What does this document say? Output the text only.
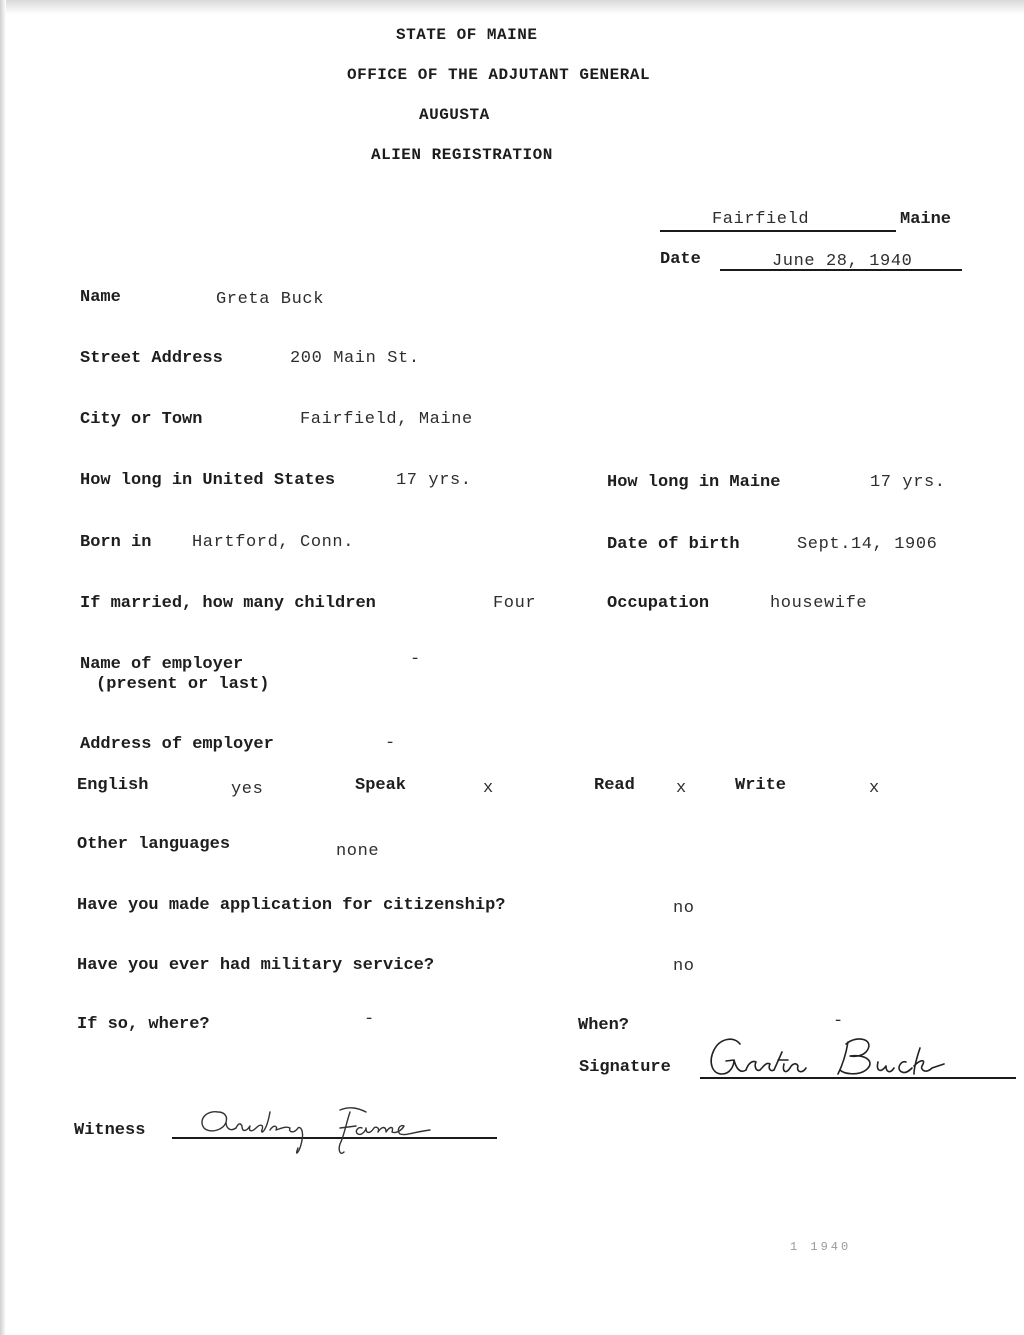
STATE OF MAINE
OFFICE OF THE ADJUTANT GENERAL
AUGUSTA
ALIEN REGISTRATION
Fairfield	Maine
Date	June 28, 1940
Name	Greta Buck
Street Address	200 Main St.
City or Town	Fairfield, Maine
How long in United States	17 yrs.	How long in Maine	17 yrs.
Born in Hartford, Conn.	Date of birth	Sept.14, 1906
If married, how many children	Four	Occupation	housewife
Name of employer
(present or last)
-
Address of employer	-
English	yes	Speak	x	Read x	Write	x
Other languages	none
Have you made application for citizenship?	no
Have you ever had military service?	no
If so, where?	-	When?	-
Signature
Witness
1 1940
